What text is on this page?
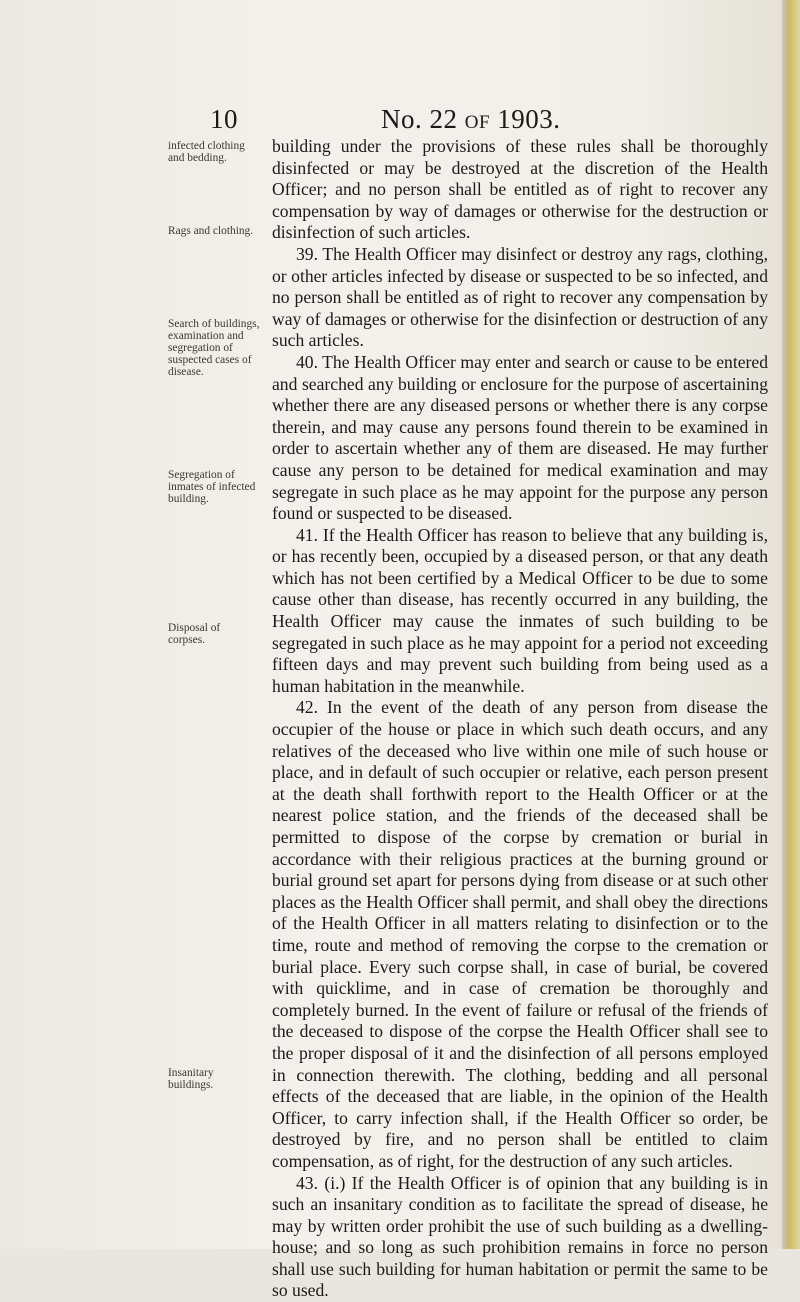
10	No. 22 OF 1903.
infected clothing and bedding.
Rags and clothing.
Search of buildings, examination and segregation of suspected cases of disease.
Segregation of inmates of infected building.
Disposal of corpses.
Insanitary buildings.

building under the provisions of these rules shall be thoroughly disinfected or may be destroyed at the discretion of the Health Officer; and no person shall be entitled as of right to recover any compensation by way of damages or otherwise for the destruction or disinfection of such articles.

39. The Health Officer may disinfect or destroy any rags, clothing, or other articles infected by disease or suspected to be so infected, and no person shall be entitled as of right to recover any compensation by way of damages or otherwise for the disinfection or destruction of any such articles.

40. The Health Officer may enter and search or cause to be entered and searched any building or enclosure for the purpose of ascertaining whether there are any diseased persons or whether there is any corpse therein, and may cause any persons found therein to be examined in order to ascertain whether any of them are diseased. He may further cause any person to be detained for medical examination and may segregate in such place as he may appoint for the purpose any person found or suspected to be diseased.

41. If the Health Officer has reason to believe that any building is, or has recently been, occupied by a diseased person, or that any death which has not been certified by a Medical Officer to be due to some cause other than disease, has recently occurred in any building, the Health Officer may cause the inmates of such building to be segregated in such place as he may appoint for a period not exceeding fifteen days and may prevent such building from being used as a human habitation in the meanwhile.

42. In the event of the death of any person from disease the occupier of the house or place in which such death occurs, and any relatives of the deceased who live within one mile of such house or place, and in default of such occupier or relative, each person present at the death shall forthwith report to the Health Officer or at the nearest police station, and the friends of the deceased shall be permitted to dispose of the corpse by cremation or burial in accordance with their religious practices at the burning ground or burial ground set apart for persons dying from disease or at such other places as the Health Officer shall permit, and shall obey the directions of the Health Officer in all matters relating to disinfection or to the time, route and method of removing the corpse to the cremation or burial place. Every such corpse shall, in case of burial, be covered with quicklime, and in case of cremation be thoroughly and completely burned. In the event of failure or refusal of the friends of the deceased to dispose of the corpse the Health Officer shall see to the proper disposal of it and the disinfection of all persons employed in connection therewith. The clothing, bedding and all personal effects of the deceased that are liable, in the opinion of the Health Officer, to carry infection shall, if the Health Officer so order, be destroyed by fire, and no person shall be entitled to claim compensation, as of right, for the destruction of any such articles.

43. (i.) If the Health Officer is of opinion that any building is in such an insanitary condition as to facilitate the spread of disease, he may by written order prohibit the use of such building as a dwelling-house; and so long as such prohibition remains in force no person shall use such building for human habitation or permit the same to be so used.
